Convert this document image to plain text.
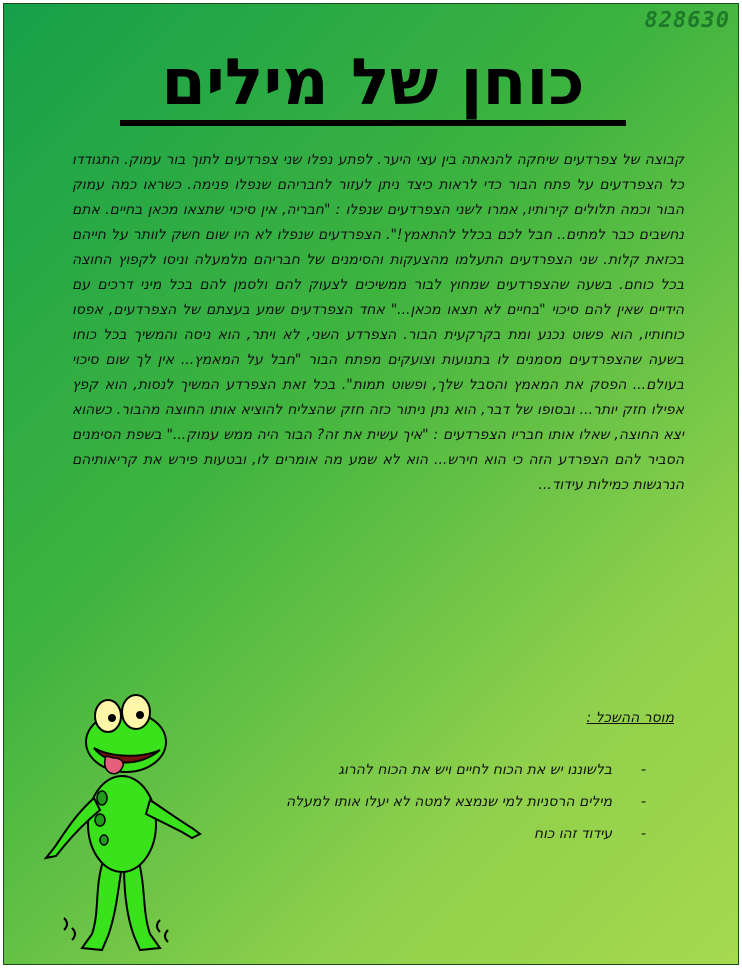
828630
כוחן של מילים

קבוצה של צפרדעים שיחקה להנאתה בין עצי היער. לפתע נפלו שני צפרדעים לתוך בור עמוק. התגודדו כל הצפרדעים על פתח הבור כדי לראות כיצד ניתן לעזור לחבריהם שנפלו פנימה. כשראו כמה עמוק הבור וכמה תלולים קירותיו, אמרו לשני הצפרדעים שנפלו : "חבריה, אין סיכוי שתצאו מכאן בחיים. אתם נחשבים כבר למתים.. חבל לכם בכלל להתאמץ!". הצפרדעים שנפלו לא היו שום חשק לוותר על חייהם בכזאת קלות. שני הצפרדעים התעלמו מהצעקות והסימנים של חבריהם מלמעלה וניסו לקפוץ החוצה בכל כוחם. בשעה שהצפרדעים שמחוץ לבור ממשיכים לצעוק להם ולסמן להם בכל מיני דרכים עם הידיים שאין להם סיכוי "בחיים לא תצאו מכאן..." אחד הצפרדעים שמע בעצתם של הצפרדעים, אפסו כוחותיו, הוא פשוט נכנע ומת בקרקעית הבור. הצפרדע השני, לא ויתר, הוא ניסה והמשיך בכל כוחו בשעה שהצפרדעים מסמנים לו בתנועות וצועקים מפתח הבור "חבל על המאמץ... אין לך שום סיכוי בעולם... הפסק את המאמץ והסבל שלך, ופשוט תמות". בכל זאת הצפרדע המשיך לנסות, הוא קפץ אפילו חזק יותר... ובסופו של דבר, הוא נתן ניתור כזה חזק שהצליח להוציא אותו החוצה מהבור. כשהוא יצא החוצה, שאלו אותו חבריו הצפרדעים : "איך עשית את זה? הבור היה ממש עמוק..." בשפת הסימנים הסביר להם הצפרדע הזה כי הוא חירש... הוא לא שמע מה אומרים לו, ובטעות פירש את קריאותיהם הנרגשות כמילות עידוד...

מוסר ההשכל :
-בלשוננו יש את הכוח לחיים ויש את הכוח להרוג
-מילים הרסניות למי שנמצא למטה לא יעלו אותו למעלה
-עידוד זהו כוח
